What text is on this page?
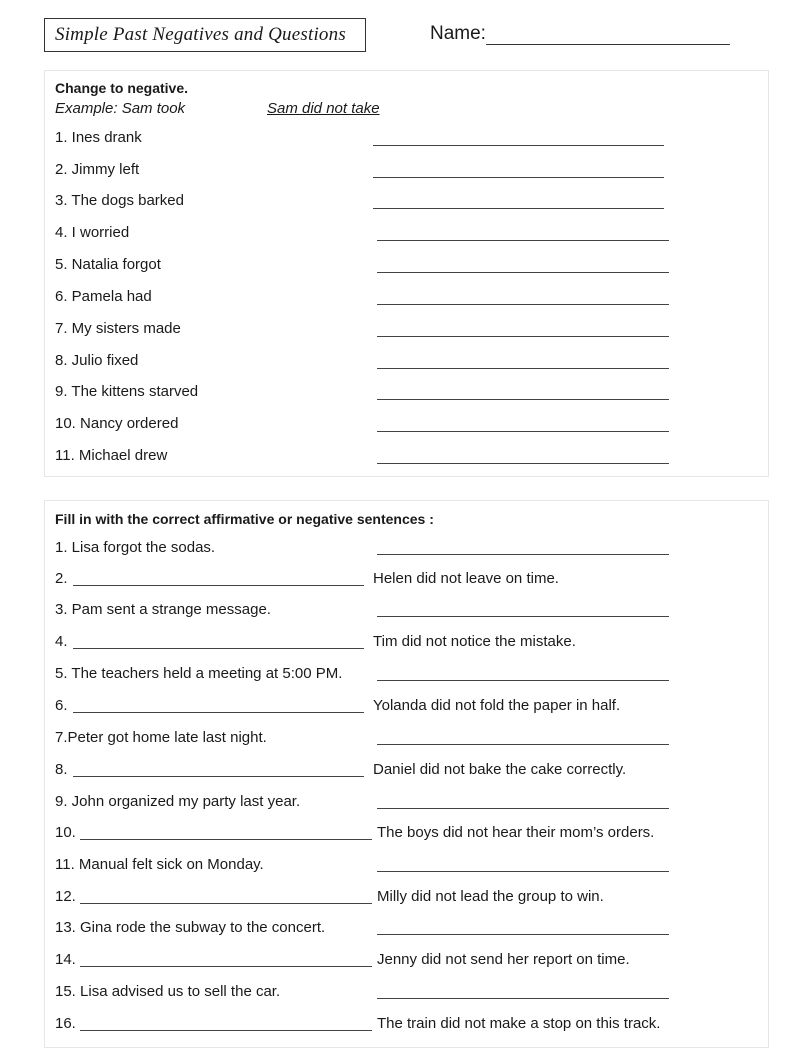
Simple Past Negatives and Questions	Name:
Change to negative.
Example: Sam took	Sam did not take
1. Ines drank
2. Jimmy left
3. The dogs barked
4. I worried
5. Natalia forgot
6. Pamela had
7. My sisters made
8. Julio fixed
9. The kittens starved
10. Nancy ordered
11. Michael drew
Fill in with the correct affirmative or negative sentences :
1. Lisa forgot the sodas.
2.	Helen did not leave on time.
3. Pam sent a strange message.
4.	Tim did not notice the mistake.
5. The teachers held a meeting at 5:00 PM.
6.	Yolanda did not fold the paper in half.
7.Peter got home late last night.
8.	Daniel did not bake the cake correctly.
9. John organized my party last year.
10.	The boys did not hear their mom’s orders.
11. Manual felt sick on Monday.
12.	Milly did not lead the group to win.
13. Gina rode the subway to the concert.
14.	Jenny did not send her report on time.
15. Lisa advised us to sell the car.
16.	The train did not make a stop on this track.
